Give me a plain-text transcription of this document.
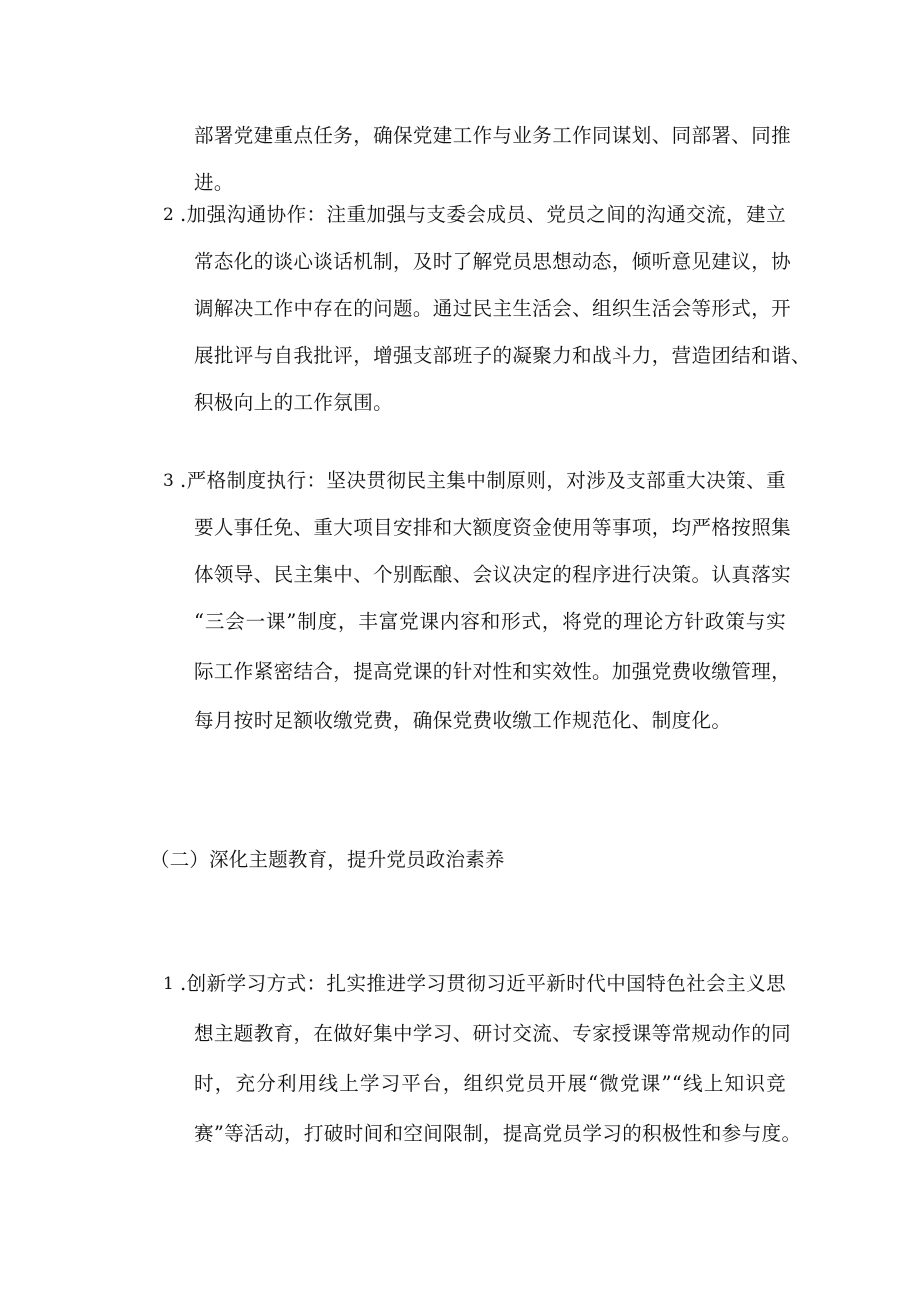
部署党建重点任务，确保党建工作与业务工作同谋划、同部署、同推
进。
2 .加强沟通协作：注重加强与支委会成员、党员之间的沟通交流，建立
常态化的谈心谈话机制，及时了解党员思想动态，倾听意见建议，协
调解决工作中存在的问题。通过民主生活会、组织生活会等形式，开
展批评与自我批评，增强支部班子的凝聚力和战斗力，营造团结和谐、
积极向上的工作氛围。
3 .严格制度执行：坚决贯彻民主集中制原则，对涉及支部重大决策、重
要人事任免、重大项目安排和大额度资金使用等事项，均严格按照集
体领导、民主集中、个别酝酿、会议决定的程序进行决策。认真落实
“三会一课”制度，丰富党课内容和形式，将党的理论方针政策与实
际工作紧密结合，提高党课的针对性和实效性。加强党费收缴管理，
每月按时足额收缴党费，确保党费收缴工作规范化、制度化。
（二）深化主题教育，提升党员政治素养
1 .创新学习方式：扎实推进学习贯彻习近平新时代中国特色社会主义思
想主题教育，在做好集中学习、研讨交流、专家授课等常规动作的同
时，充分利用线上学习平台，组织党员开展“微党课”“线上知识竞
赛”等活动，打破时间和空间限制，提高党员学习的积极性和参与度。
